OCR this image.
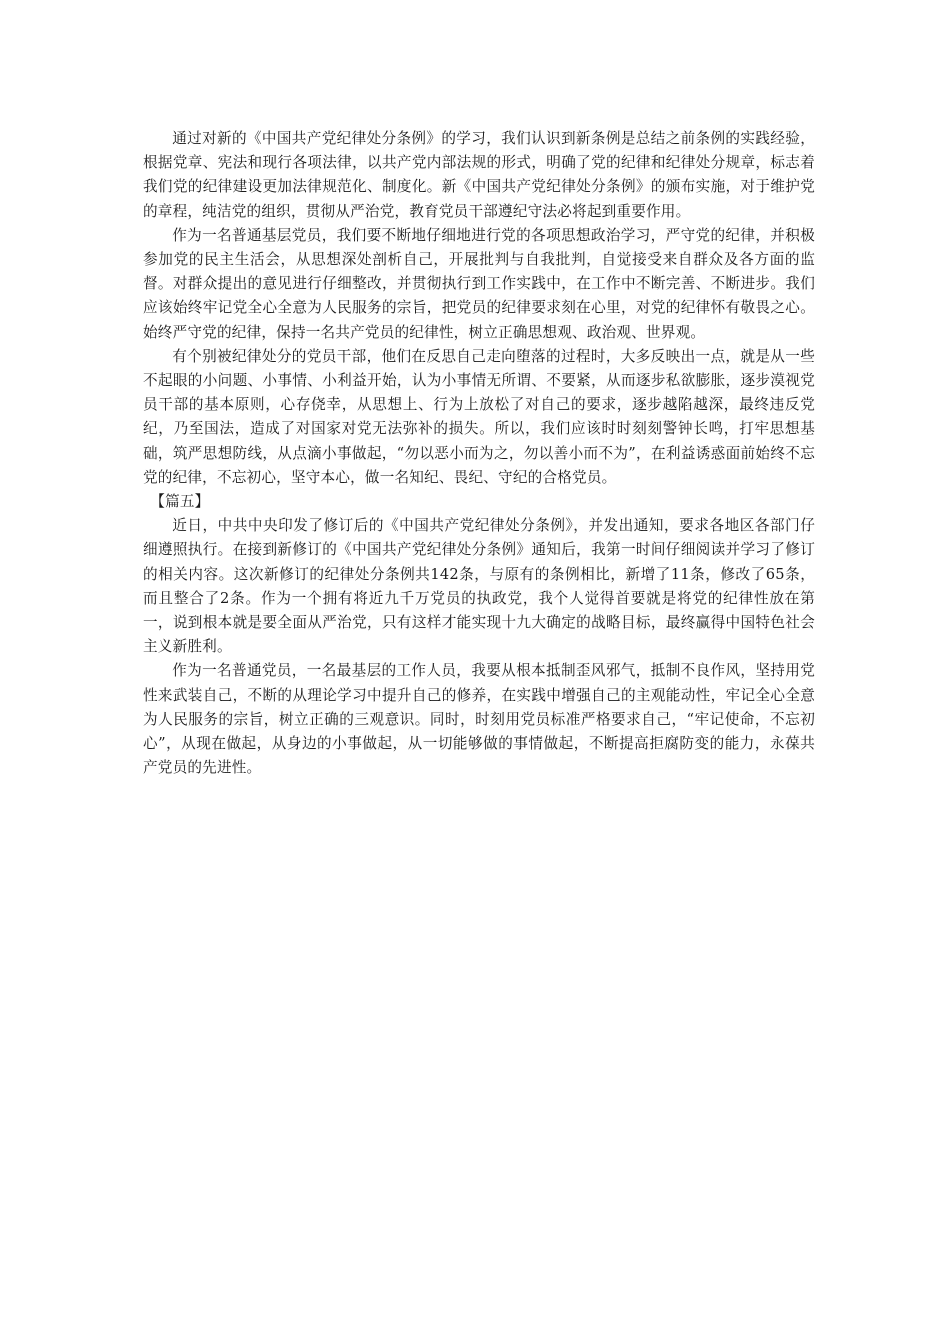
通过对新的《中国共产党纪律处分条例》的学习，我们认识到新条例是总结之前条例的实践经验，根据党章、宪法和现行各项法律，以共产党内部法规的形式，明确了党的纪律和纪律处分规章，标志着我们党的纪律建设更加法律规范化、制度化。新《中国共产党纪律处分条例》的颁布实施，对于维护党的章程，纯洁党的组织，贯彻从严治党，教育党员干部遵纪守法必将起到重要作用。

作为一名普通基层党员，我们要不断地仔细地进行党的各项思想政治学习，严守党的纪律，并积极参加党的民主生活会，从思想深处剖析自己，开展批判与自我批判，自觉接受来自群众及各方面的监督。对群众提出的意见进行仔细整改，并贯彻执行到工作实践中，在工作中不断完善、不断进步。我们应该始终牢记党全心全意为人民服务的宗旨，把党员的纪律要求刻在心里，对党的纪律怀有敬畏之心。始终严守党的纪律，保持一名共产党员的纪律性，树立正确思想观、政治观、世界观。

有个别被纪律处分的党员干部，他们在反思自己走向堕落的过程时，大多反映出一点，就是从一些不起眼的小问题、小事情、小利益开始，认为小事情无所谓、不要紧，从而逐步私欲膨胀，逐步漠视党员干部的基本原则，心存侥幸，从思想上、行为上放松了对自己的要求，逐步越陷越深，最终违反党纪，乃至国法，造成了对国家对党无法弥补的损失。所以，我们应该时时刻刻警钟长鸣，打牢思想基础，筑严思想防线，从点滴小事做起，“勿以恶小而为之，勿以善小而不为”，在利益诱惑面前始终不忘党的纪律，不忘初心，坚守本心，做一名知纪、畏纪、守纪的合格党员。

【篇五】

近日，中共中央印发了修订后的《中国共产党纪律处分条例》，并发出通知，要求各地区各部门仔细遵照执行。在接到新修订的《中国共产党纪律处分条例》通知后，我第一时间仔细阅读并学习了修订的相关内容。这次新修订的纪律处分条例共142条，与原有的条例相比，新增了11条，修改了65条，而且整合了2条。作为一个拥有将近九千万党员的执政党，我个人觉得首要就是将党的纪律性放在第一，说到根本就是要全面从严治党，只有这样才能实现十九大确定的战略目标，最终赢得中国特色社会主义新胜利。

作为一名普通党员，一名最基层的工作人员，我要从根本抵制歪风邪气，抵制不良作风，坚持用党性来武装自己，不断的从理论学习中提升自己的修养，在实践中增强自己的主观能动性，牢记全心全意为人民服务的宗旨，树立正确的三观意识。同时，时刻用党员标准严格要求自己，“牢记使命，不忘初心”，从现在做起，从身边的小事做起，从一切能够做的事情做起，不断提高拒腐防变的能力，永葆共产党员的先进性。
